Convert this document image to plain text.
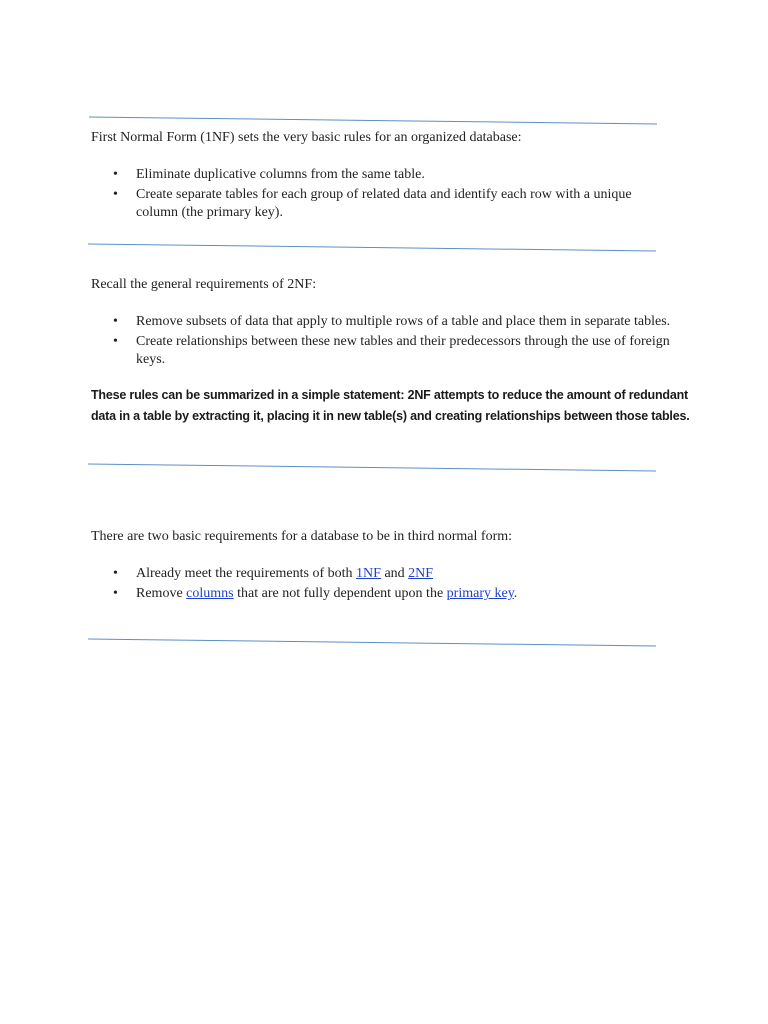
First Normal Form (1NF) sets the very basic rules for an organized database:

• Eliminate duplicative columns from the same table.
• Create separate tables for each group of related data and identify each row with a unique column (the primary key).

Recall the general requirements of 2NF:

• Remove subsets of data that apply to multiple rows of a table and place them in separate tables.
• Create relationships between these new tables and their predecessors through the use of foreign keys.

These rules can be summarized in a simple statement: 2NF attempts to reduce the amount of redundant data in a table by extracting it, placing it in new table(s) and creating relationships between those tables.

There are two basic requirements for a database to be in third normal form:

• Already meet the requirements of both 1NF and 2NF
• Remove columns that are not fully dependent upon the primary key.
